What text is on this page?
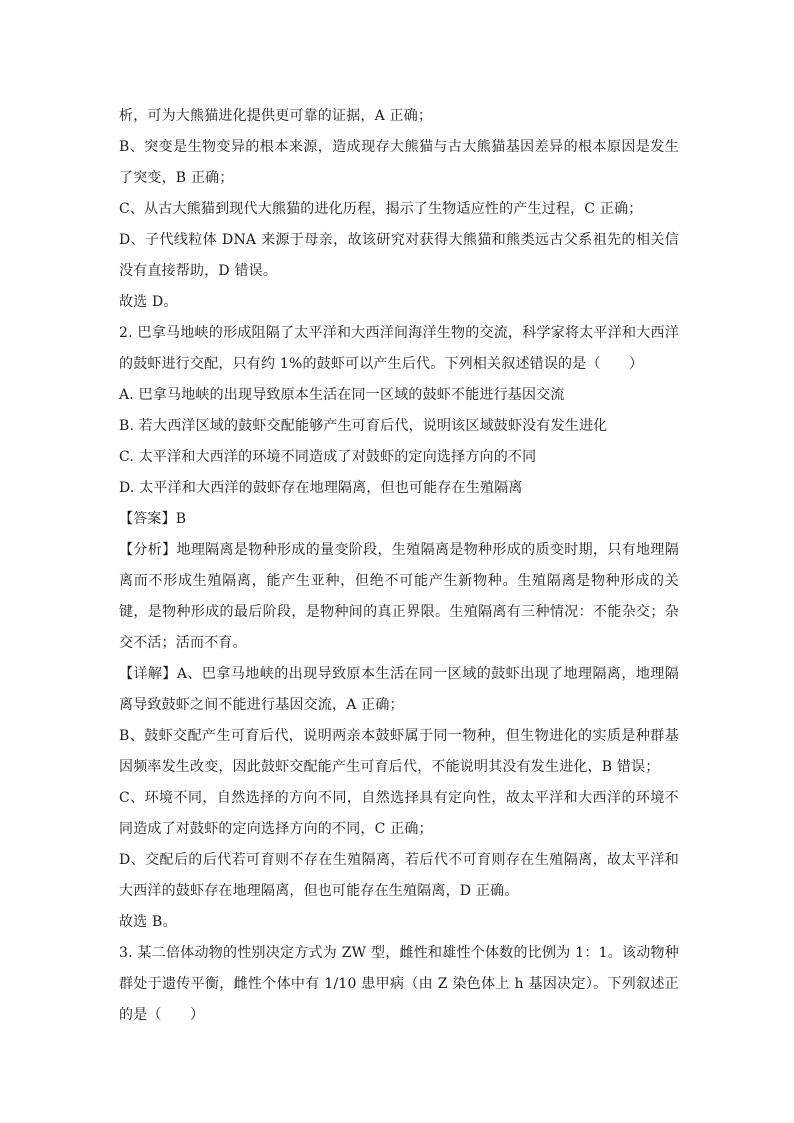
析，可为大熊猫进化提供更可靠的证据，A 正确；
B、突变是生物变异的根本来源，造成现存大熊猫与古大熊猫基因差异的根本原因是发生
了突变，B 正确；
C、从古大熊猫到现代大熊猫的进化历程，揭示了生物适应性的产生过程，C 正确；
D、子代线粒体 DNA 来源于母亲，故该研究对获得大熊猫和熊类远古父系祖先的相关信
没有直接帮助，D 错误。
故选 D。
2. 巴拿马地峡的形成阻隔了太平洋和大西洋间海洋生物的交流，科学家将太平洋和大西洋
的鼓虾进行交配，只有约 1%的鼓虾可以产生后代。下列相关叙述错误的是（　　）
A. 巴拿马地峡的出现导致原本生活在同一区域的鼓虾不能进行基因交流
B. 若大西洋区域的鼓虾交配能够产生可育后代，说明该区域鼓虾没有发生进化
C. 太平洋和大西洋的环境不同造成了对鼓虾的定向选择方向的不同
D. 太平洋和大西洋的鼓虾存在地理隔离，但也可能存在生殖隔离
【答案】B
【分析】地理隔离是物种形成的量变阶段，生殖隔离是物种形成的质变时期，只有地理隔
离而不形成生殖隔离，能产生亚种，但绝不可能产生新物种。生殖隔离是物种形成的关
键，是物种形成的最后阶段，是物种间的真正界限。生殖隔离有三种情况：不能杂交；杂
交不活；活而不育。
【详解】A、巴拿马地峡的出现导致原本生活在同一区域的鼓虾出现了地理隔离，地理隔
离导致鼓虾之间不能进行基因交流，A 正确；
B、鼓虾交配产生可育后代，说明两亲本鼓虾属于同一物种，但生物进化的实质是种群基
因频率发生改变，因此鼓虾交配能产生可育后代，不能说明其没有发生进化，B 错误；
C、环境不同，自然选择的方向不同，自然选择具有定向性，故太平洋和大西洋的环境不
同造成了对鼓虾的定向选择方向的不同，C 正确；
D、交配后的后代若可育则不存在生殖隔离，若后代不可育则存在生殖隔离，故太平洋和
大西洋的鼓虾存在地理隔离，但也可能存在生殖隔离，D 正确。
故选 B。
3. 某二倍体动物的性别决定方式为 ZW 型，雌性和雄性个体数的比例为 1：1。该动物种
群处于遗传平衡，雌性个体中有 1/10 患甲病（由 Z 染色体上 h 基因决定）。下列叙述正
的是（　　）
